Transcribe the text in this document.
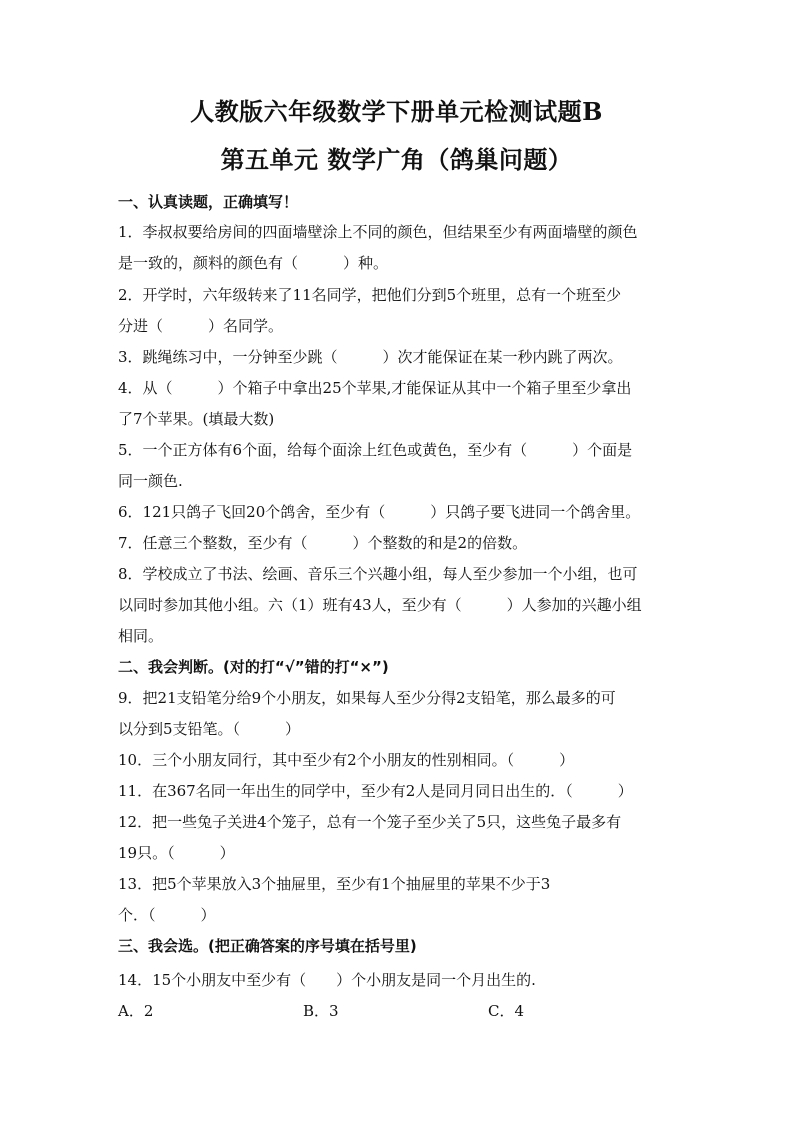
人教版六年级数学下册单元检测试题B
第五单元 数学广角（鸽巢问题）
一、认真读题，正确填写！
1．李叔叔要给房间的四面墙壁涂上不同的颜色，但结果至少有两面墙壁的颜色
是一致的，颜料的颜色有（　　　）种。
2．开学时，六年级转来了11名同学，把他们分到5个班里，总有一个班至少
分进（　　　）名同学。
3．跳绳练习中，一分钟至少跳（　　　）次才能保证在某一秒内跳了两次。
4．从（　　　）个箱子中拿出25个苹果,才能保证从其中一个箱子里至少拿出
了7个苹果。(填最大数)
5．一个正方体有6个面，给每个面涂上红色或黄色，至少有（　　　）个面是
同一颜色.
6．121只鸽子飞回20个鸽舍，至少有（　　　）只鸽子要飞进同一个鸽舍里。
7．任意三个整数，至少有（　　　）个整数的和是2的倍数。
8．学校成立了书法、绘画、音乐三个兴趣小组，每人至少参加一个小组，也可
以同时参加其他小组。六（1）班有43人，至少有（　　　）人参加的兴趣小组
相同。
二、我会判断。(对的打“√”错的打“×”)
9．把21支铅笔分给9个小朋友，如果每人至少分得2支铅笔，那么最多的可
以分到5支铅笔。（　　　）
10．三个小朋友同行，其中至少有2个小朋友的性别相同。（　　　）
11．在367名同一年出生的同学中，至少有2人是同月同日出生的．（　　　）
12．把一些兔子关进4个笼子，总有一个笼子至少关了5只，这些兔子最多有
19只。（　　　）
13．把5个苹果放入3个抽屉里，至少有1个抽屉里的苹果不少于3
个．（　　　）
三、我会选。(把正确答案的序号填在括号里)
14．15个小朋友中至少有（　　）个小朋友是同一个月出生的.
A．2	B．3	C．4
